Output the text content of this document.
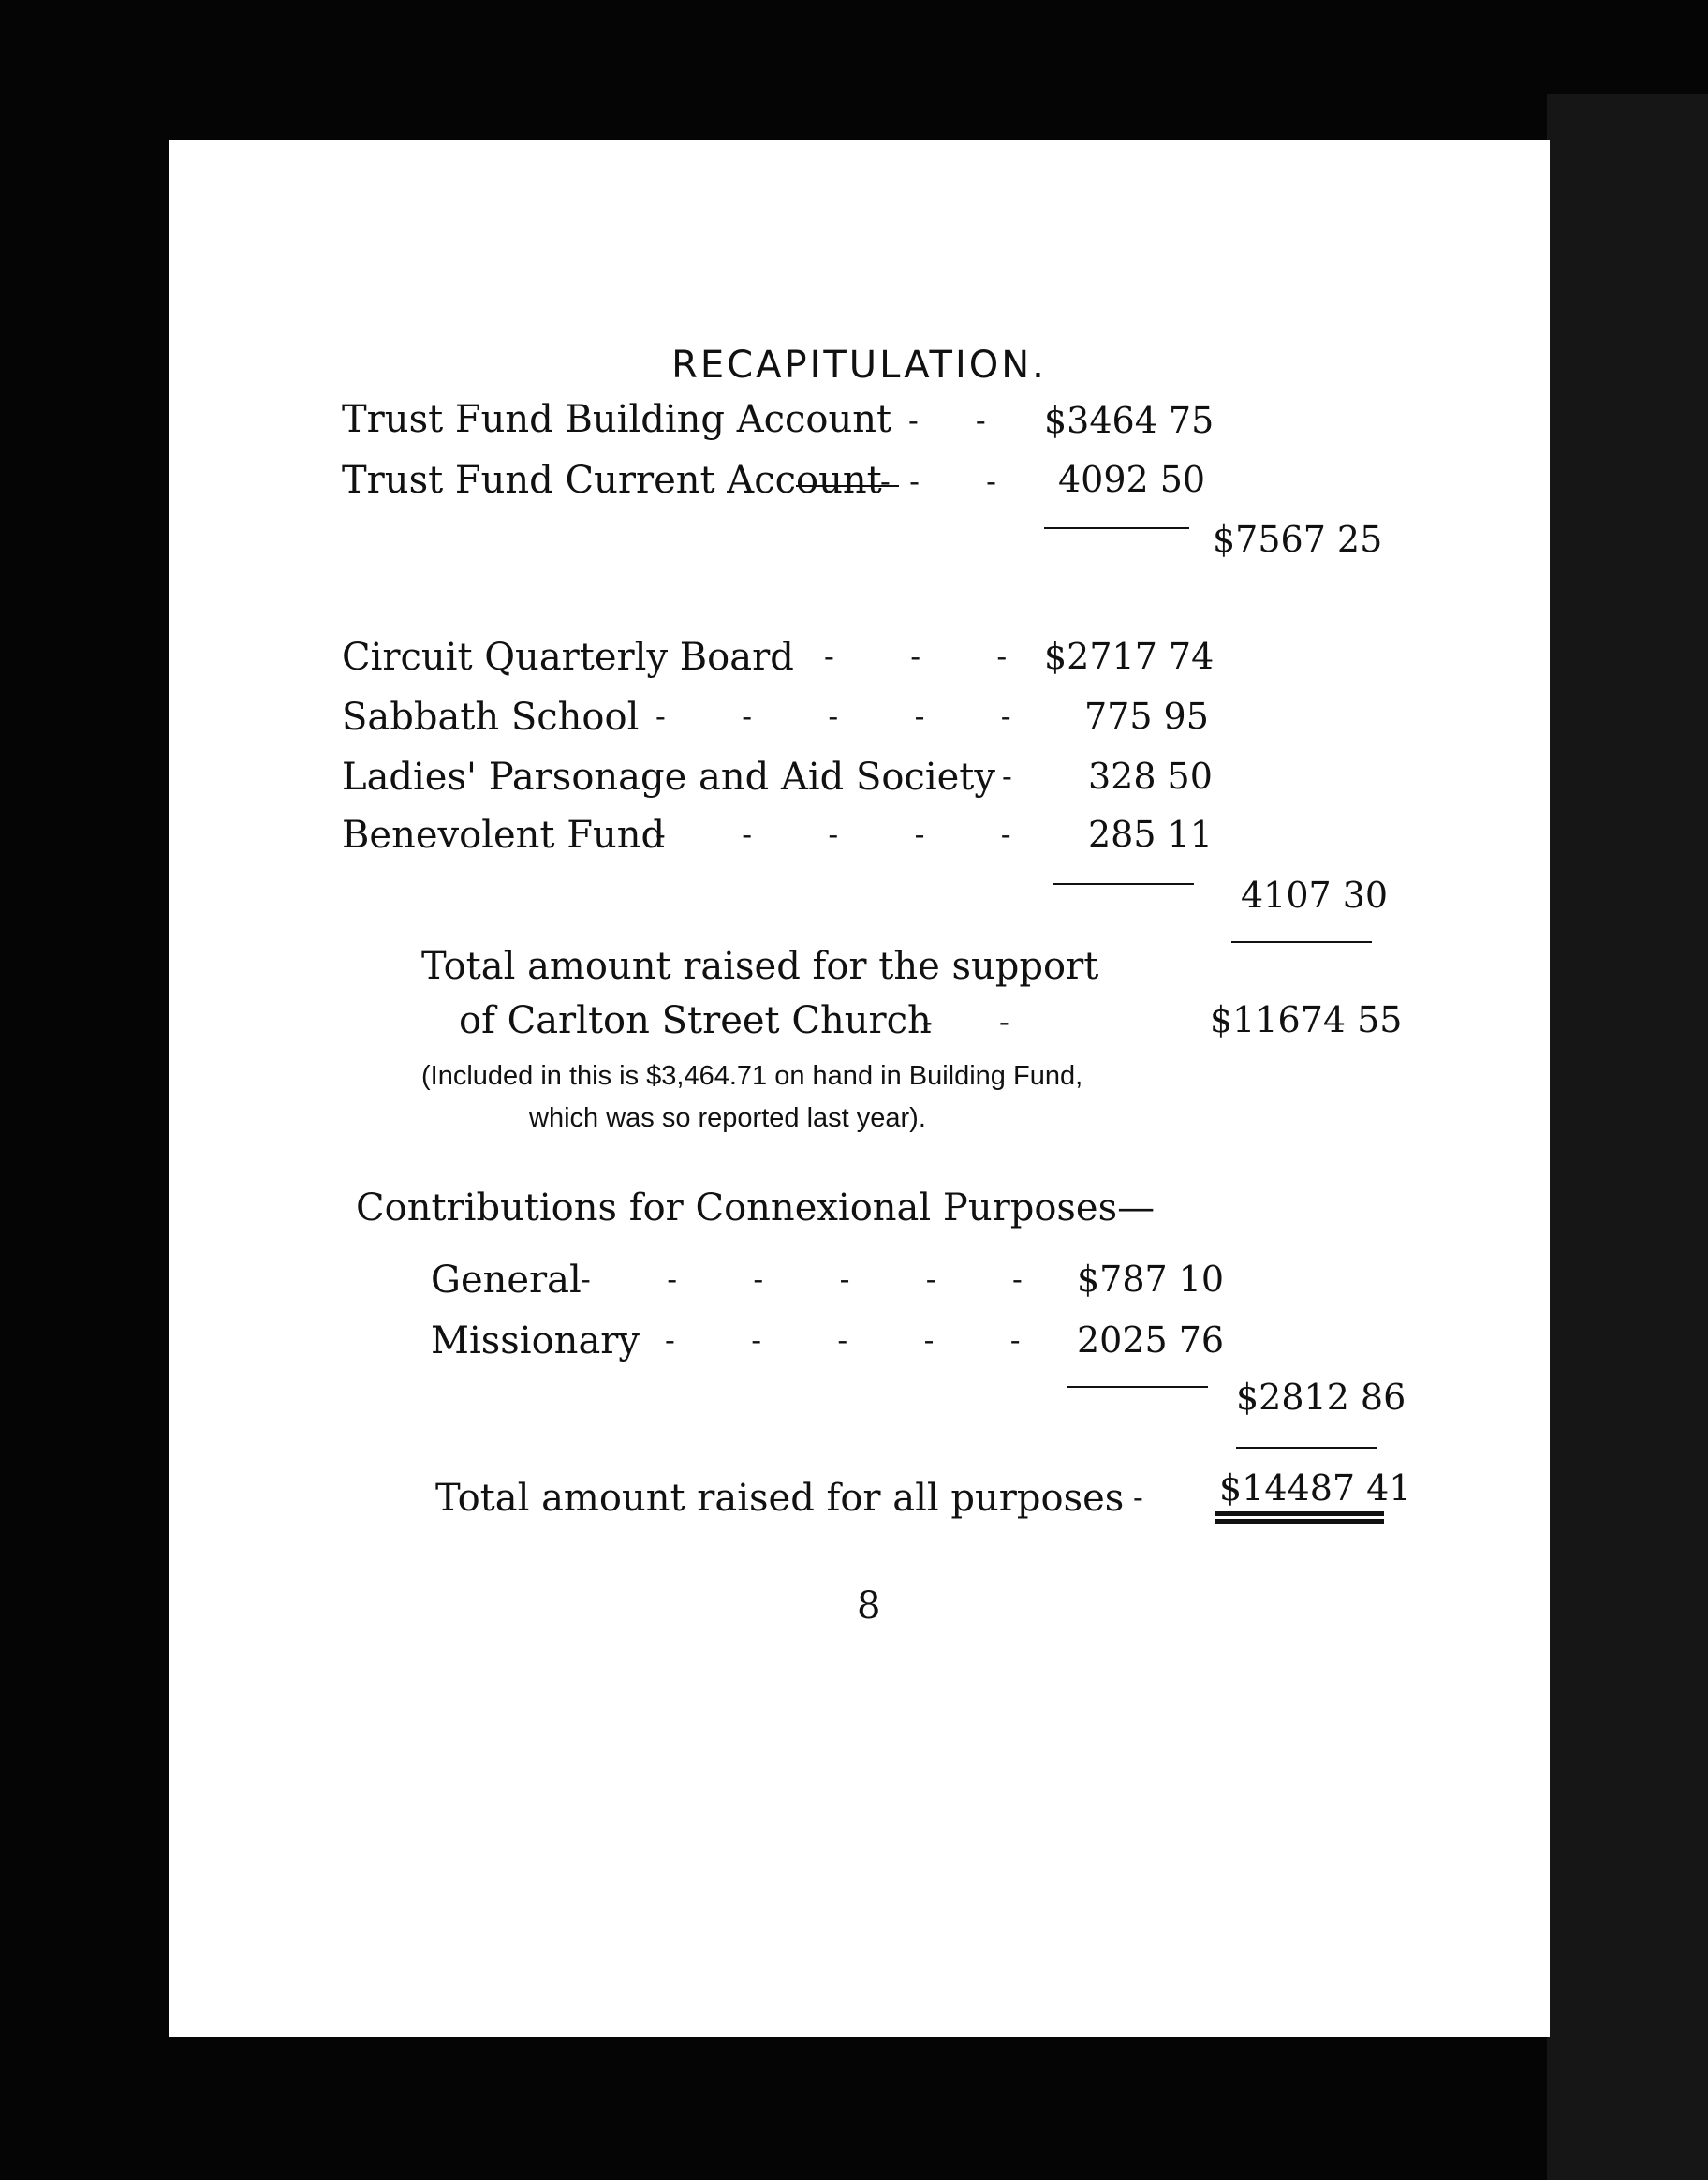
RECAPITULATION.
Trust Fund Building Account -      - $3464 75
Trust Fund Current Account
-  -       - 4092 50
$7567 25
Circuit Quarterly Board -        -        - $2717 74
Sabbath School -        -        -        -        - 775 95
Ladies' Parsonage and Aid Society - 328 50
Benevolent Fund
-        -        -        -        - 285 11
4107 30
Total amount raised for the support
of Carlton Street Church
-       -	$11674 55
(Included in this is $3,464.71 on hand in Building Fund,
which was so reported last year).
Contributions for Connexional Purposes—
General -        -        -        -        -        - $787 10
Missionary -        -        -        -        - 2025 76
$2812 86
Total amount raised for all purposes - $14487 41
8
